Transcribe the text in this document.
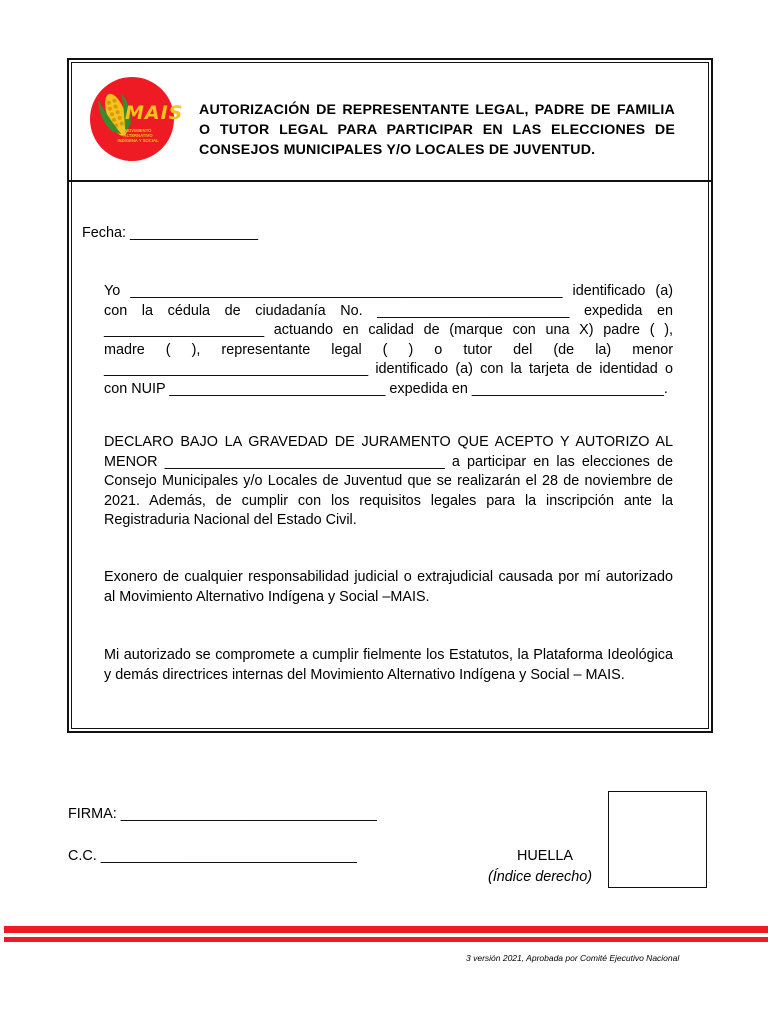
MAIS
MOVIMIENTO ALTERNATIVO INDÍGENA Y SOCIAL
AUTORIZACIÓN DE REPRESENTANTE LEGAL, PADRE DE FAMILIA O TUTOR LEGAL PARA PARTICIPAR EN LAS ELECCIONES DE CONSEJOS MUNICIPALES Y/O LOCALES DE JUVENTUD.
Fecha: ________________
Yo ______________________________________________________ identificado (a)
con la cédula de ciudadanía No. ________________________ expedida en
____________________ actuando en calidad de (marque con una X) padre ( ),
madre ( ), representante legal ( ) o tutor del (de la) menor
_________________________________ identificado (a) con la tarjeta de identidad o
con NUIP ___________________________ expedida en ________________________.
DECLARO BAJO LA GRAVEDAD DE JURAMENTO QUE ACEPTO Y AUTORIZO AL MENOR ___________________________________ a participar en las elecciones de Consejo Municipales y/o Locales de Juventud que se realizarán el 28 de noviembre de 2021. Además, de cumplir con los requisitos legales para la inscripción ante la Registraduria Nacional del Estado Civil.
Exonero de cualquier responsabilidad judicial o extrajudicial causada por mí autorizado al Movimiento Alternativo Indígena y Social –MAIS.
Mi autorizado se compromete a cumplir fielmente los Estatutos, la Plataforma Ideológica y demás directrices internas del Movimiento Alternativo Indígena y Social – MAIS.
FIRMA: ________________________________
C.C. ________________________________	HUELLA
(Índice derecho)
3 versión 2021, Aprobada por Comité Ejecutivo Nacional
